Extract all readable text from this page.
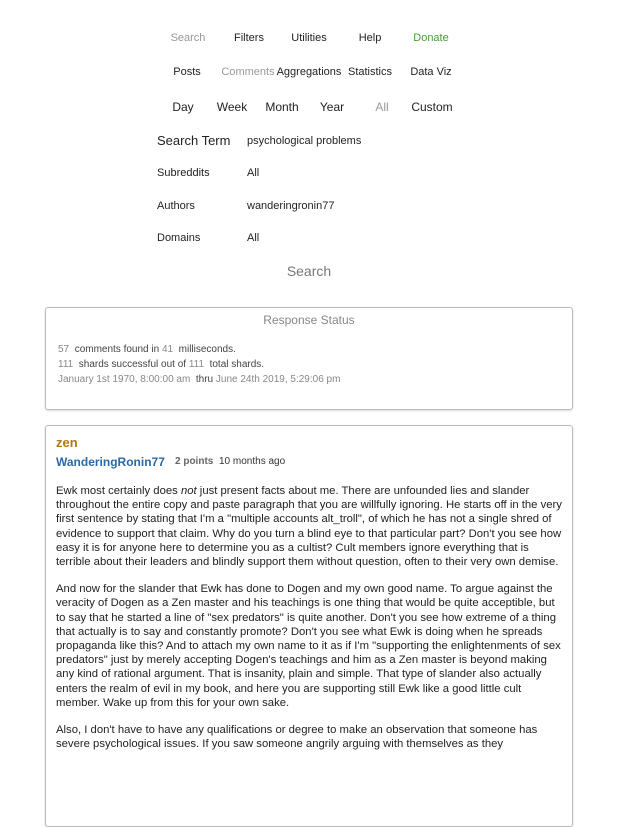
Search	Filters Utilities	Help	Donate
Posts Comments Aggregations Statistics Data Viz
Day Week Month Year	All Custom
Search Term psychological problems
Subreddits	All
Authors	wanderingronin77
Domains	All
Search
Response Status
57 comments found in 41 milliseconds.
111 shards successful out of 111 total shards.
January 1st 1970, 8:00:00 am thru June 24th 2019, 5:29:06 pm
zen
WanderingRonin77 2 points 10 months ago

Ewk most certainly does not just present facts about me. There are unfounded lies and slander throughout the entire copy and paste paragraph that you are willfully ignoring. He starts off in the very first sentence by stating that I'm a "multiple accounts alt_troll", of which he has not a single shred of evidence to support that claim. Why do you turn a blind eye to that particular part? Don't you see how easy it is for anyone here to determine you as a cultist? Cult members ignore everything that is terrible about their leaders and blindly support them without question, often to their very own demise.

And now for the slander that Ewk has done to Dogen and my own good name. To argue against the veracity of Dogen as a Zen master and his teachings is one thing that would be quite acceptible, but to say that he started a line of "sex predators" is quite another. Don't you see how extreme of a thing that actually is to say and constantly promote? Don't you see what Ewk is doing when he spreads propaganda like this? And to attach my own name to it as if I'm "supporting the enlightenments of sex predators" just by merely accepting Dogen's teachings and him as a Zen master is beyond making any kind of rational argument. That is insanity, plain and simple. That type of slander also actually enters the realm of evil in my book, and here you are supporting still Ewk like a good little cult member. Wake up from this for your own sake.

Also, I don't have to have any qualifications or degree to make an observation that someone has severe psychological issues. If you saw someone angrily arguing with themselves as they
